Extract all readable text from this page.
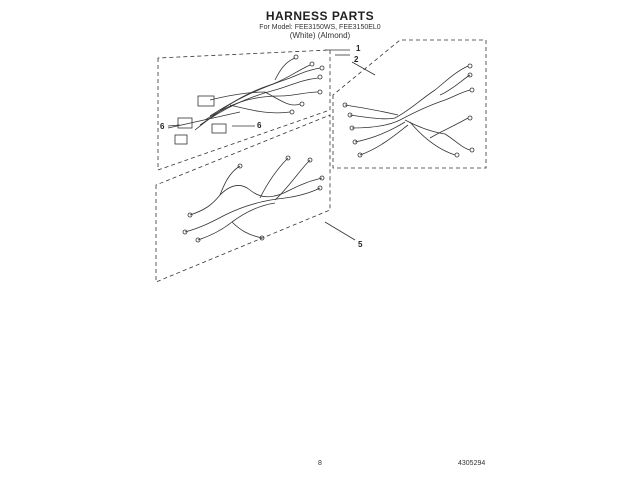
HARNESS PARTS
For Model: FEE3150WS, FEE3150EL0
(White) (Almond)
1
2
6	6
5
8	4305294
